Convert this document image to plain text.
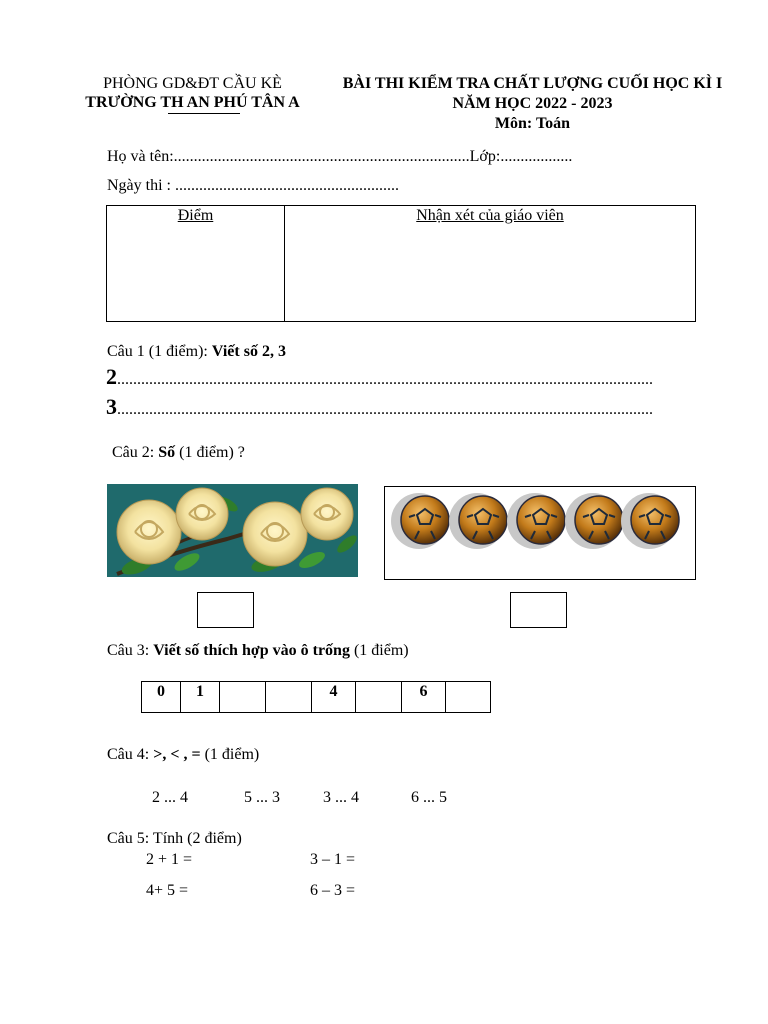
PHÒNG GD&ĐT CẦU KÈ
TRƯỜNG TH AN PHÚ TÂN A
BÀI THI KIỂM TRA CHẤT LƯỢNG CUỐI HỌC KÌ I
NĂM HỌC 2022 - 2023
Môn: Toán
Họ và tên:..........................................................................Lớp:..................
Ngày thi : ........................................................
Điểm	Nhận xét của giáo viên
Câu 1 (1 điểm): Viết số 2, 3
2......................................................................................................................................
3......................................................................................................................................
Câu 2: Số (1 điểm) ?
Câu 3: Viết số thích hợp vào ô trống (1 điểm)
0	1			4		6	
Câu 4: >, < , = (1 điểm)
2 ... 4	5 ... 3	3 ... 4	6 ... 5
Câu 5: Tính (2 điểm)
2 + 1 =	3 – 1 =
4+ 5 =	6 – 3 =
